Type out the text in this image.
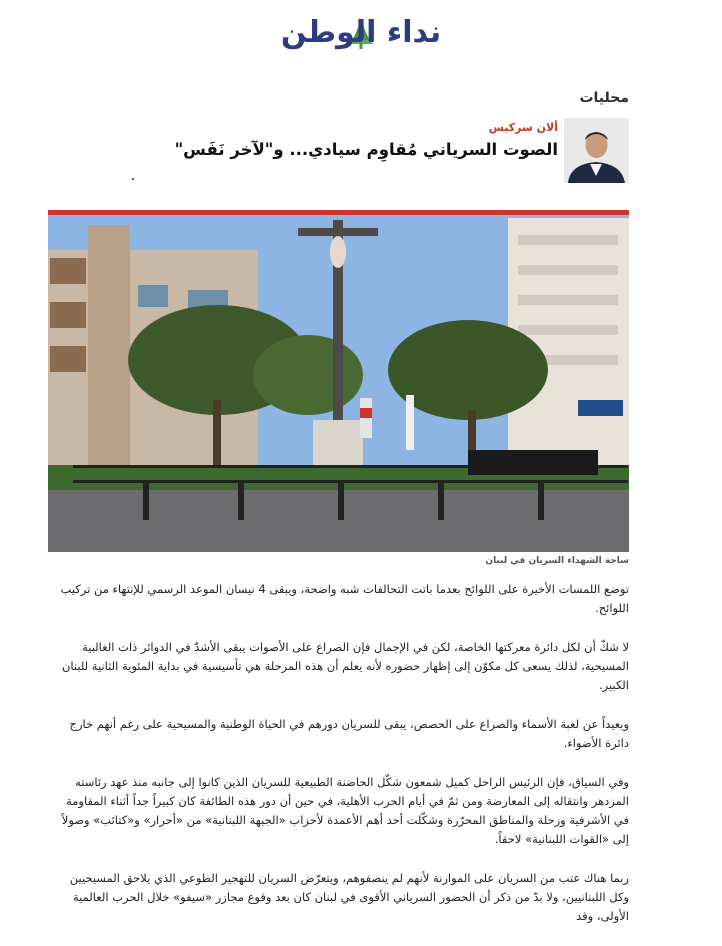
نداء الوطن
محليات
ألان سركيس
الصوت السرياني مُقاوِم سيادي... و"لآخر نَفَس"
ساحة الشهداء السريان في لبنان

توضع اللمسات الأخيرة على اللوائح بعدما باتت التحالفات شبه واضحة، ويبقى 4 نيسان الموعد الرسمي للإنتهاء من تركيب اللوائح.

لا شكّ أن لكل دائرة معركتها الخاصة، لكن في الإجمال فإن الصراع على الأصوات يبقى الأشدّ في الدوائر ذات الغالبية المسيحية، لذلك يسعى كل مكوّن إلى إظهار حضوره لأنه يعلم أن هذه المرحلة هي تأسيسية في بداية المئوية الثانية للبنان الكبير.

وبعيداً عن لعبة الأسماء والصراع على الحصص، يبقى للسريان دورهم في الحياة الوطنية والمسيحية على رغم أنهم خارج دائرة الأضواء.

وفي السياق، فإن الرئيس الراحل كميل شمعون شكّل الحاضنة الطبيعية للسريان الذين كانوا إلى جانبه منذ عهد رئاسته المزدهر وانتقاله إلى المعارضة ومن ثمّ في أيام الحرب الأهلية، في حين أن دور هذه الطائفة كان كبيراً جداً أثناء المقاومة في الأشرفية وزحلة والمناطق المحرّرة وشكّلت أحد أهم الأعمدة لأحزاب «الجبهة اللبنانية» من «أحرار» و«كتائب» وصولاً إلى «القوات اللبنانية» لاحقاً.

ربما هناك عتب من السريان على الموارنة لأنهم لم ينصفوهم، ويتعرّض السريان للتهجير الطوعي الذي يلاحق المسيحيين وكل اللبنانيين، ولا بدّ من ذكر أن الحضور السرياني الأقوى في لبنان كان بعد وقوع مجازر «سيفو» خلال الحرب العالمية الأولى، وقد
